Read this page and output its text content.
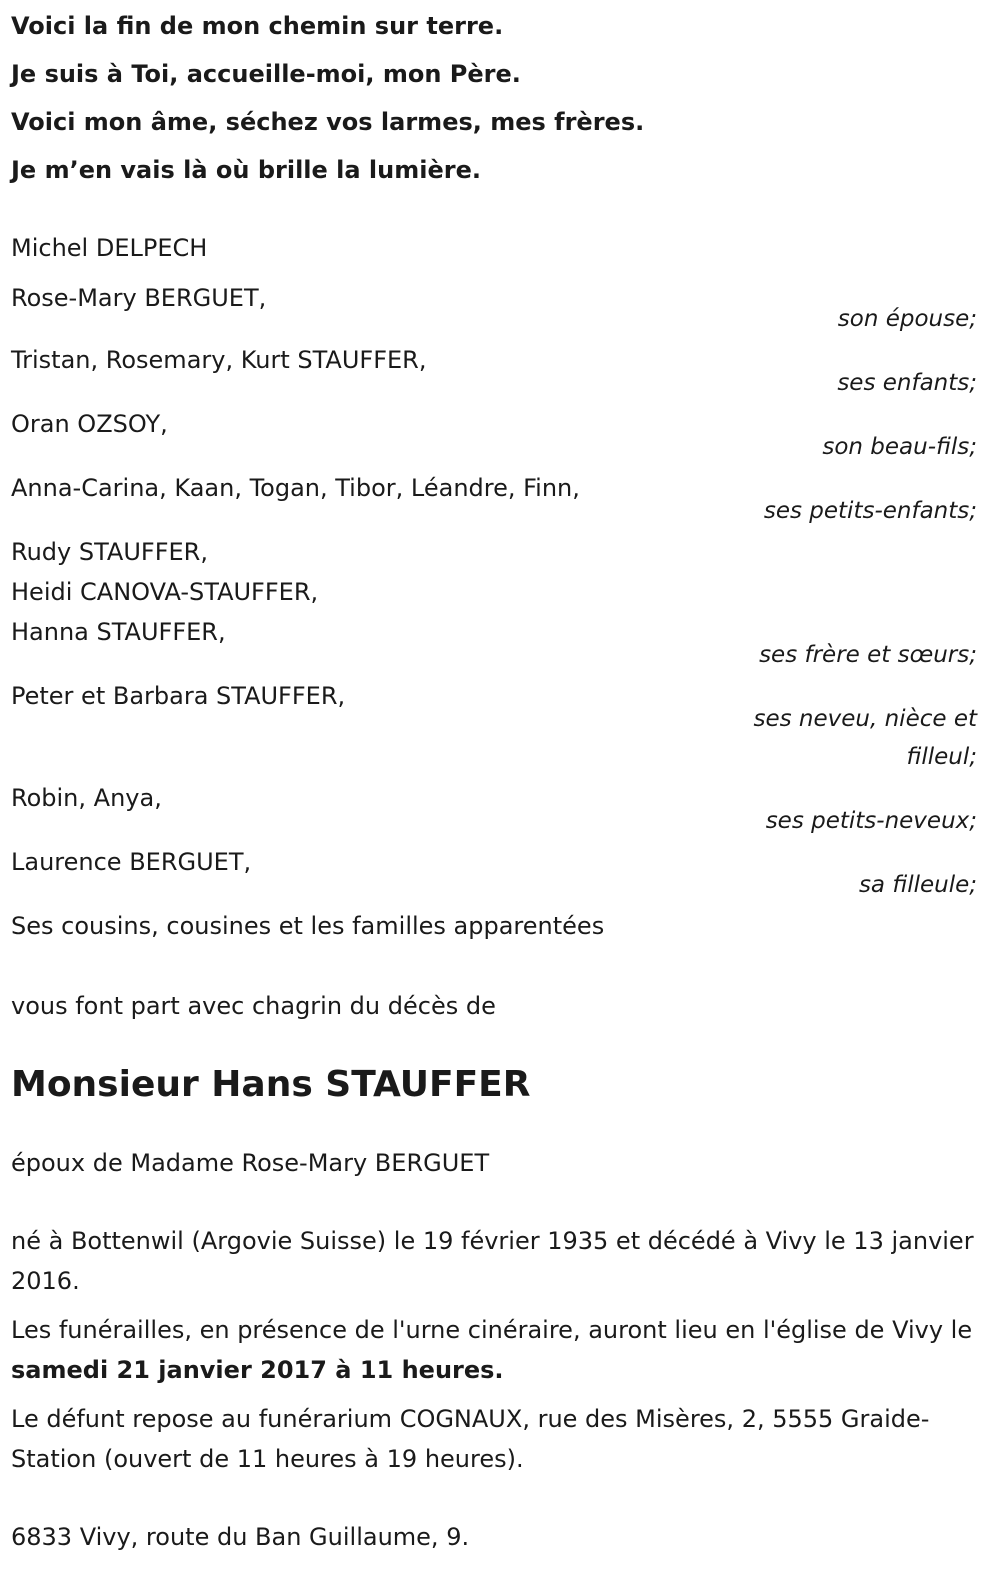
Voici la fin de mon chemin sur terre.
Je suis à Toi, accueille-moi, mon Père.
Voici mon âme, séchez vos larmes, mes frères.
Je m’en vais là où brille la lumière.
Michel DELPECH
Rose-Mary BERGUET,
son épouse;
Tristan, Rosemary, Kurt STAUFFER,
ses enfants;
Oran OZSOY,
son beau-fils;
Anna-Carina, Kaan, Togan, Tibor, Léandre, Finn,
ses petits-enfants;
Rudy STAUFFER,
Heidi CANOVA-STAUFFER,
Hanna STAUFFER,
ses frère et sœurs;
Peter et Barbara STAUFFER,
ses neveu, nièce et
filleul;
Robin, Anya,
ses petits-neveux;
Laurence BERGUET,
sa filleule;
Ses cousins, cousines et les familles apparentées
vous font part avec chagrin du décès de
Monsieur Hans STAUFFER
époux de Madame Rose-Mary BERGUET
né à Bottenwil (Argovie Suisse) le 19 février 1935 et décédé à Vivy le 13 janvier 2016.
Les funérailles, en présence de l'urne cinéraire, auront lieu en l'église de Vivy le samedi 21 janvier 2017 à 11 heures.
Le défunt repose au funérarium COGNAUX, rue des Misères, 2, 5555 Graide-Station (ouvert de 11 heures à 19 heures).
6833 Vivy, route du Ban Guillaume, 9.
